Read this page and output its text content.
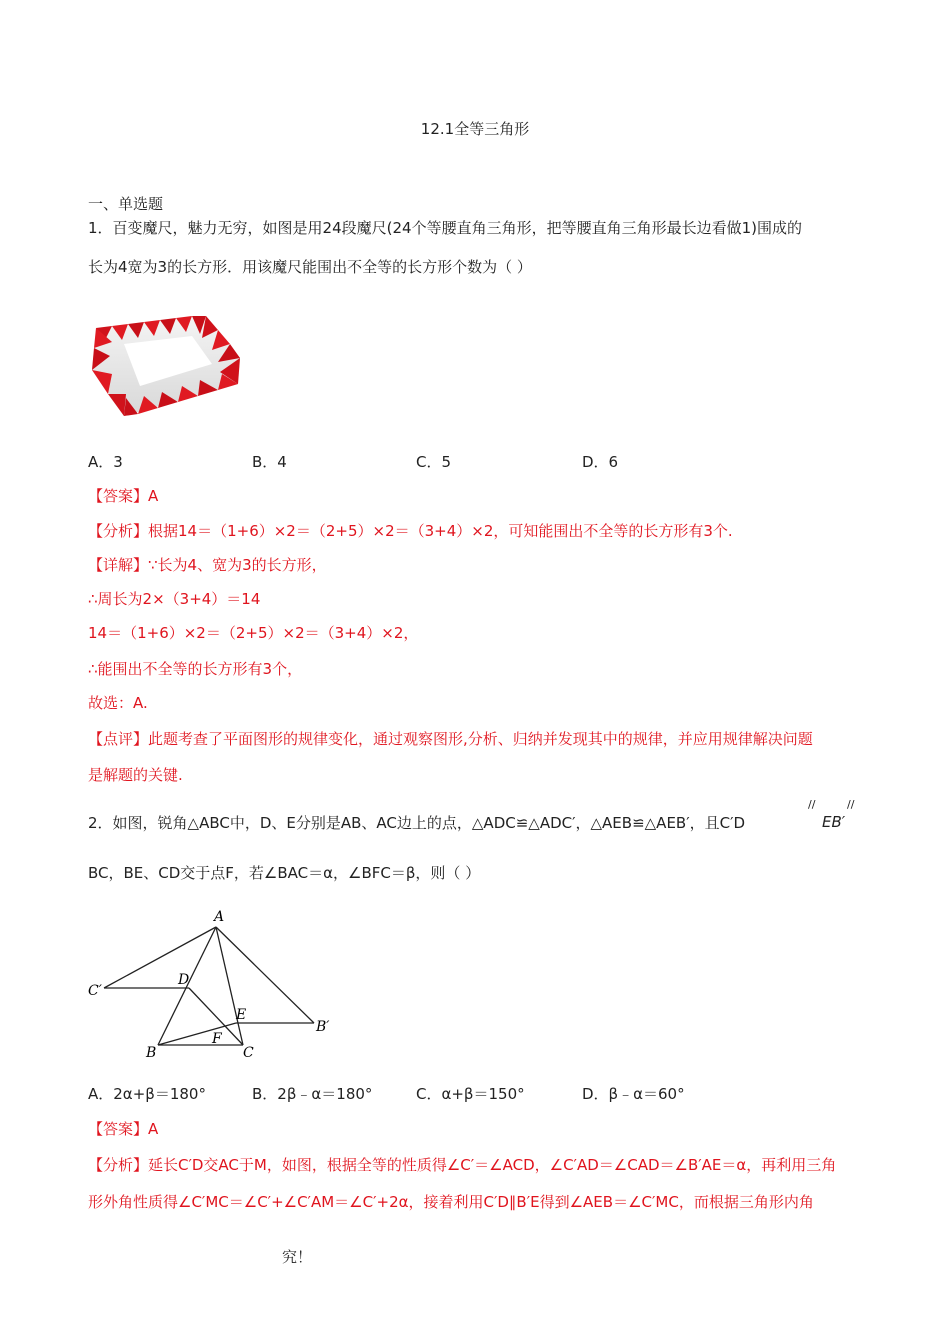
12.1全等三角形
一、单选题
1．百变魔尺，魅力无穷，如图是用24段魔尺(24个等腰直角三角形，把等腰直角三角形最长边看做1)围成的
长为4宽为3的长方形．用该魔尺能围出不全等的长方形个数为（ ）
A．3	B．4	C．5	D．6
【答案】A
【分析】根据14＝（1+6）×2＝（2+5）×2＝（3+4）×2，可知能围出不全等的长方形有3个.
【详解】∵长为4、宽为3的长方形，
∴周长为2×（3+4）＝14
14＝（1+6）×2＝（2+5）×2＝（3+4）×2，
∴能围出不全等的长方形有3个，
故选：A.
【点评】此题考查了平面图形的规律变化，通过观察图形,分析、归纳并发现其中的规律，并应用规律解决问题
是解题的关键.
2．如图，锐角△ABC中，D、E分别是AB、AC边上的点，△ADC≌△ADC′，△AEB≌△AEB′，且C′D
//
EB′
//
BC，BE、CD交于点F，若∠BAC＝α，∠BFC＝β，则（ ）
A
C′
D
E
B′
F
B	C
A．2α+β＝180°	B．2β﹣α＝180°	C．α+β＝150°	D．β﹣α＝60°
【答案】A
【分析】延长C′D交AC于M，如图，根据全等的性质得∠C′＝∠ACD，∠C′AD＝∠CAD＝∠B′AE＝α，再利用三角
形外角性质得∠C′MC＝∠C′+∠C′AM＝∠C′+2α，接着利用C′D∥B′E得到∠AEB＝∠C′MC，而根据三角形内角
究！
